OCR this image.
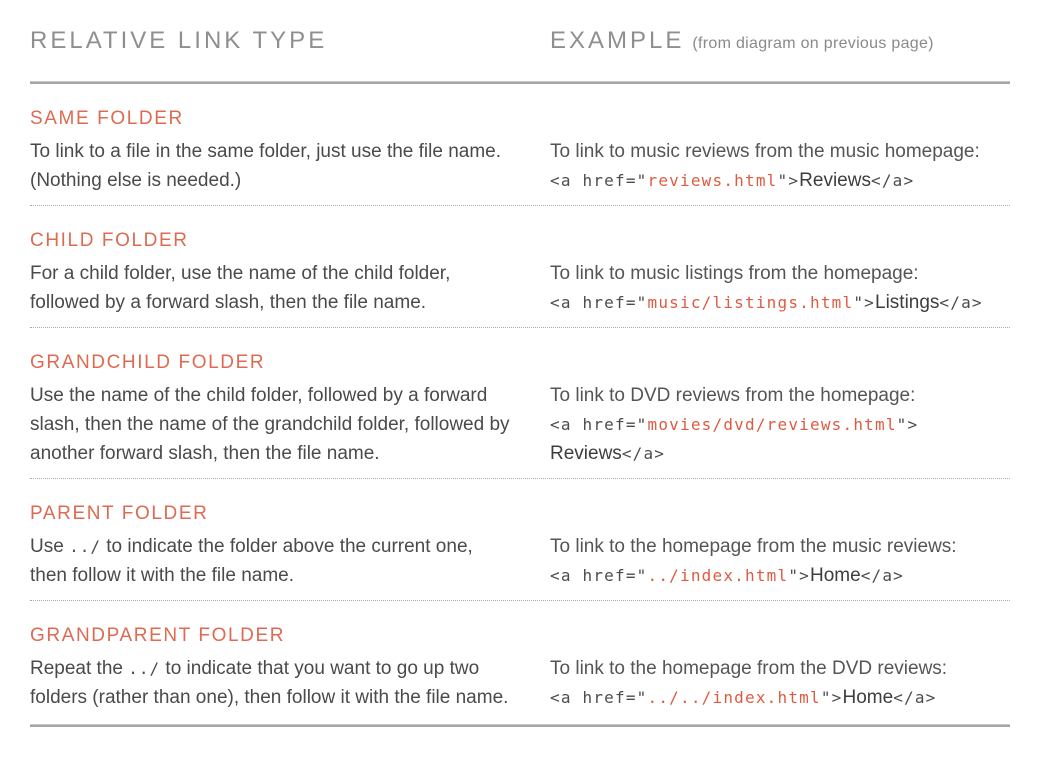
RELATIVE LINK TYPE	EXAMPLE (from diagram on previous page)
SAME FOLDER

To link to a file in the same folder, just use the file name. (Nothing else is needed.)

To link to music reviews from the music homepage:

<a href="reviews.html">Reviews</a>
CHILD FOLDER

For a child folder, use the name of the child folder, followed by a forward slash, then the file name.

To link to music listings from the homepage:

<a href="music/listings.html">Listings</a>
GRANDCHILD FOLDER

Use the name of the child folder, followed by a forward slash, then the name of the grandchild folder, followed by another forward slash, then the file name.

To link to DVD reviews from the homepage:

<a href="movies/dvd/reviews.html">
Reviews</a>
PARENT FOLDER

Use ../ to indicate the folder above the current one, then follow it with the file name.

To link to the homepage from the music reviews:

<a href="../index.html">Home</a>
GRANDPARENT FOLDER

Repeat the ../ to indicate that you want to go up two folders (rather than one), then follow it with the file name.

To link to the homepage from the DVD reviews:

<a href="../../index.html">Home</a>
